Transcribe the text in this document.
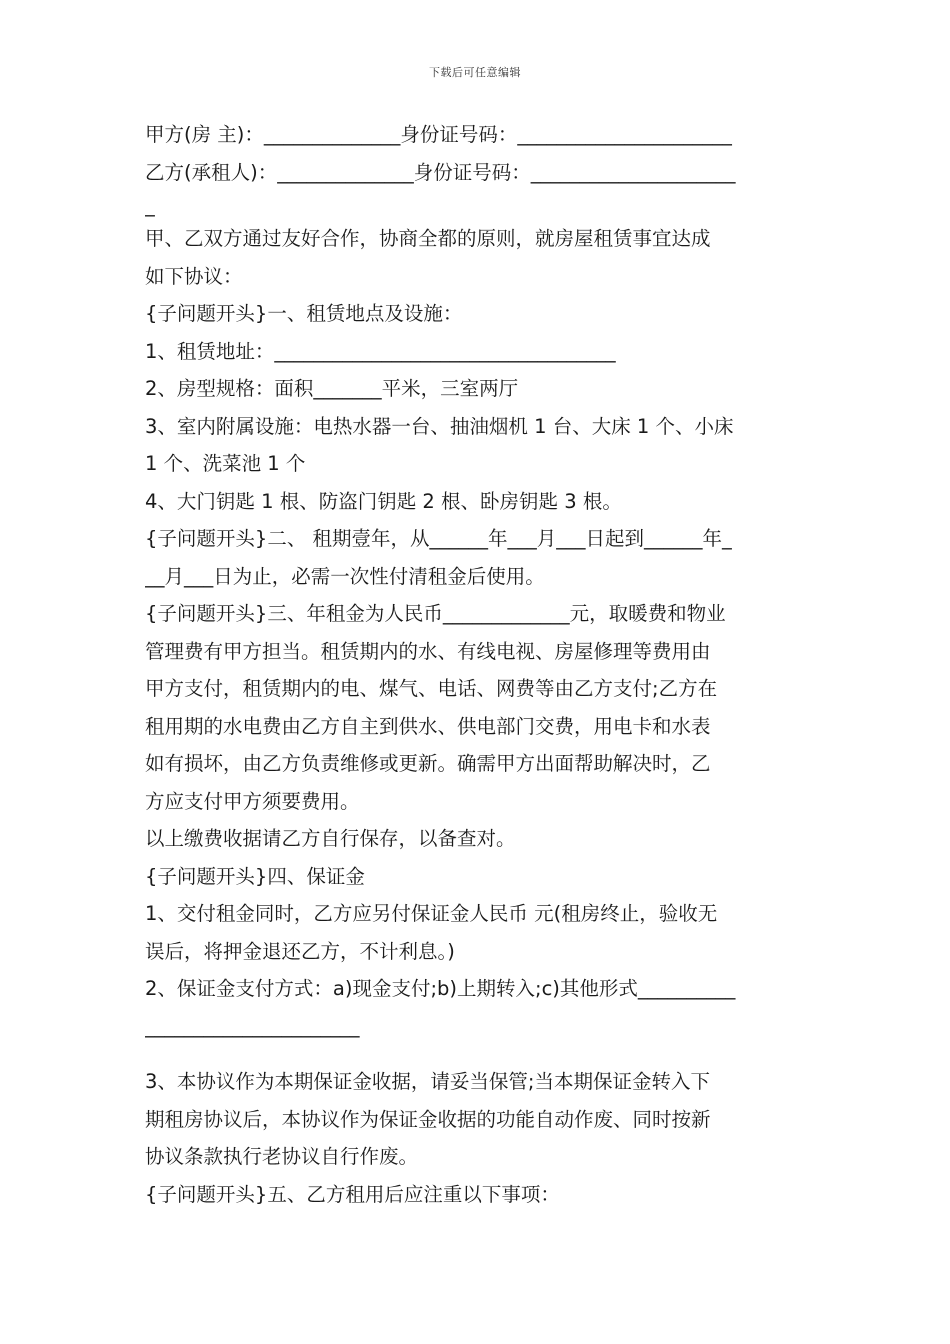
下载后可任意编辑
甲方(房 主)：______________身份证号码：______________________
乙方(承租人)：______________身份证号码：_____________________
_
甲、乙双方通过友好合作，协商全都的原则，就房屋租赁事宜达成
如下协议：
{子问题开头}一、租赁地点及设施：
1、租赁地址：___________________________________
2、房型规格：面积_______平米，三室两厅
3、室内附属设施：电热水器一台、抽油烟机 1 台、大床 1 个、小床
1 个、洗菜池 1 个
4、大门钥匙 1 根、防盗门钥匙 2 根、卧房钥匙 3 根。
{子问题开头}二、 租期壹年，从______年___月___日起到______年_
__月___日为止，必需一次性付清租金后使用。
{子问题开头}三、年租金为人民币_____________元，取暖费和物业
管理费有甲方担当。租赁期内的水、有线电视、房屋修理等费用由
甲方支付，租赁期内的电、煤气、电话、网费等由乙方支付;乙方在
租用期的水电费由乙方自主到供水、供电部门交费，用电卡和水表
如有损坏，由乙方负责维修或更新。确需甲方出面帮助解决时，乙
方应支付甲方须要费用。
以上缴费收据请乙方自行保存，以备查对。
{子问题开头}四、保证金
1、交付租金同时，乙方应另付保证金人民币 元(租房终止，验收无
误后，将押金退还乙方，不计利息。)
2、保证金支付方式：a)现金支付;b)上期转入;c)其他形式__________
______________________
3、本协议作为本期保证金收据，请妥当保管;当本期保证金转入下
期租房协议后，本协议作为保证金收据的功能自动作废、同时按新
协议条款执行老协议自行作废。
{子问题开头}五、乙方租用后应注重以下事项：
